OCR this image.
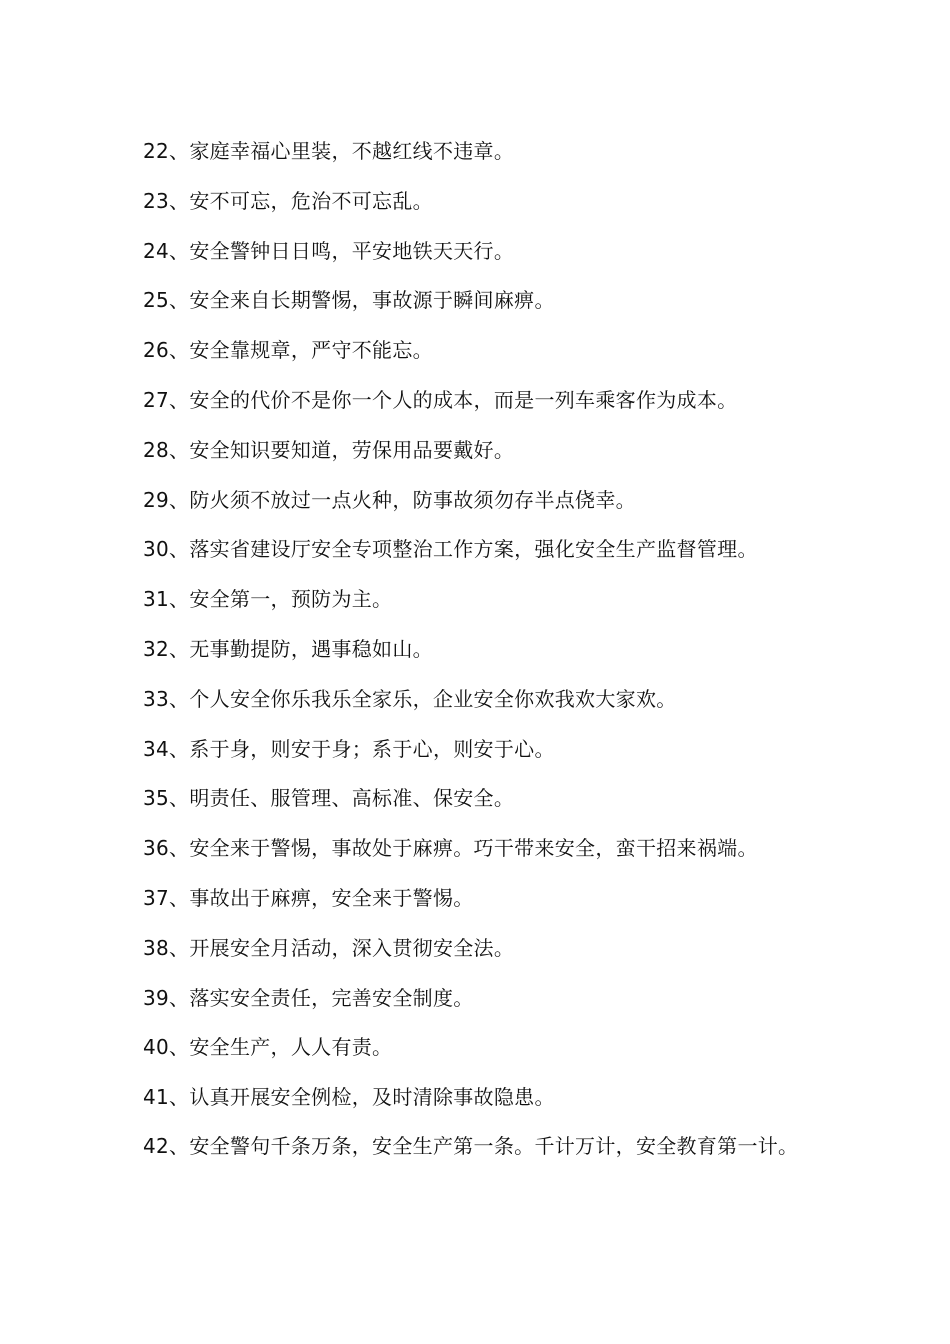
22、家庭幸福心里装，不越红线不违章。
23、安不可忘，危治不可忘乱。
24、安全警钟日日鸣，平安地铁天天行。
25、安全来自长期警惕，事故源于瞬间麻痹。
26、安全靠规章，严守不能忘。
27、安全的代价不是你一个人的成本，而是一列车乘客作为成本。
28、安全知识要知道，劳保用品要戴好。
29、防火须不放过一点火种，防事故须勿存半点侥幸。
30、落实省建设厅安全专项整治工作方案，强化安全生产监督管理。
31、安全第一，预防为主。
32、无事勤提防，遇事稳如山。
33、个人安全你乐我乐全家乐，企业安全你欢我欢大家欢。
34、系于身，则安于身；系于心，则安于心。
35、明责任、服管理、高标准、保安全。
36、安全来于警惕，事故处于麻痹。巧干带来安全，蛮干招来祸端。
37、事故出于麻痹，安全来于警惕。
38、开展安全月活动，深入贯彻安全法。
39、落实安全责任，完善安全制度。
40、安全生产，人人有责。
41、认真开展安全例检，及时清除事故隐患。
42、安全警句千条万条，安全生产第一条。千计万计，安全教育第一计。
